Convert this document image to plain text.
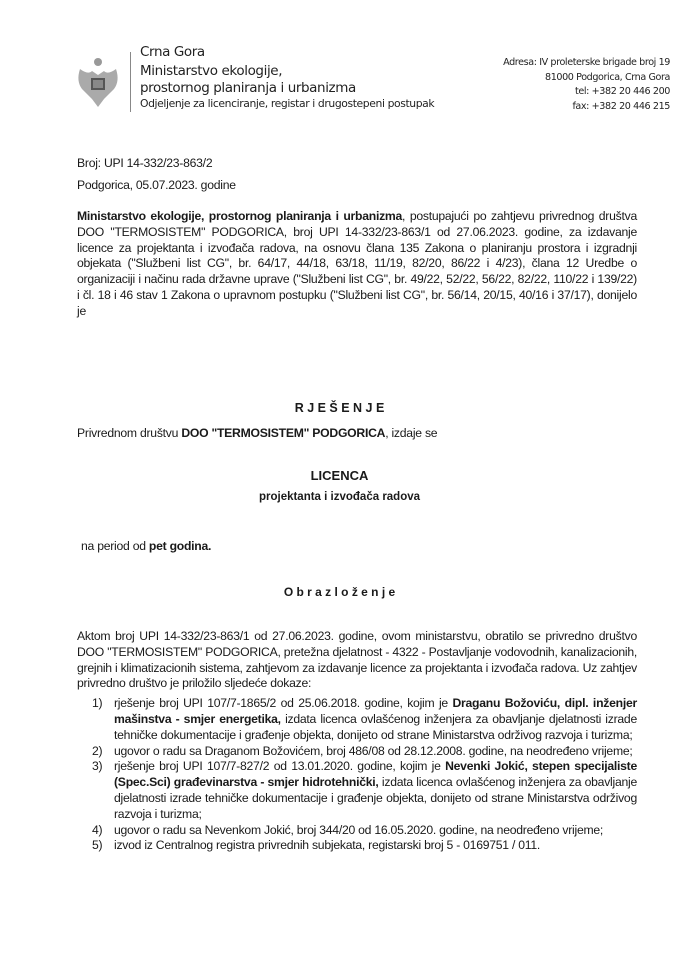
Crna Gora
Ministarstvo ekologije,
prostornog planiranja i urbanizma
Odjeljenje za licenciranje, registar i drugostepeni postupak
Adresa: IV proleterske brigade broj 19
81000 Podgorica, Crna Gora
tel: +382 20 446 200
fax: +382 20 446 215
Broj: UPI 14-332/23-863/2
Podgorica, 05.07.2023. godine
Ministarstvo ekologije, prostornog planiranja i urbanizma, postupajući po zahtjevu privrednog društva DOO "TERMOSISTEM" PODGORICA, broj UPI 14-332/23-863/1 od 27.06.2023. godine, za izdavanje licence za projektanta i izvođača radova, na osnovu člana 135 Zakona o planiranju prostora i izgradnji objekata ("Službeni list CG", br. 64/17, 44/18, 63/18, 11/19, 82/20, 86/22 i 4/23), člana 12 Uredbe o organizaciji i načinu rada državne uprave ("Službeni list CG", br. 49/22, 52/22, 56/22, 82/22, 110/22 i 139/22) i čl. 18 i 46 stav 1 Zakona o upravnom postupku ("Službeni list CG", br. 56/14, 20/15, 40/16 i 37/17), donijelo je
R J E Š E N J E
Privrednom društvu DOO "TERMOSISTEM" PODGORICA, izdaje se
LICENCA
projektanta i izvođača radova
na period od pet godina.
O b r a z l o ž e n j e
Aktom broj UPI 14-332/23-863/1 od 27.06.2023. godine, ovom ministarstvu, obratilo se privredno društvo DOO "TERMOSISTEM" PODGORICA, pretežna djelatnost - 4322 - Postavljanje vodovodnih, kanalizacionih, grejnih i klimatizacionih sistema, zahtjevom za izdavanje licence za projektanta i izvođača radova. Uz zahtjev privredno društvo je priložilo sljedeće dokaze:
1) rješenje broj UPI 107/7-1865/2 od 25.06.2018. godine, kojim je Draganu Božoviću, dipl. inženjer mašinstva - smjer energetika, izdata licenca ovlašćenog inženjera za obavljanje djelatnosti izrade tehničke dokumentacije i građenje objekta, donijeto od strane Ministarstva održivog razvoja i turizma;
2) ugovor o radu sa Draganom Božovićem, broj 486/08 od 28.12.2008. godine, na neodređeno vrijeme;
3) rješenje broj UPI 107/7-827/2 od 13.01.2020. godine, kojim je Nevenki Jokić, stepen specijaliste (Spec.Sci) građevinarstva - smjer hidrotehnički, izdata licenca ovlašćenog inženjera za obavljanje djelatnosti izrade tehničke dokumentacije i građenje objekta, donijeto od strane Ministarstva održivog razvoja i turizma;
4) ugovor o radu sa Nevenkom Jokić, broj 344/20 od 16.05.2020. godine, na neodređeno vrijeme;
5) izvod iz Centralnog registra privrednih subjekata, registarski broj 5 - 0169751 / 011.
